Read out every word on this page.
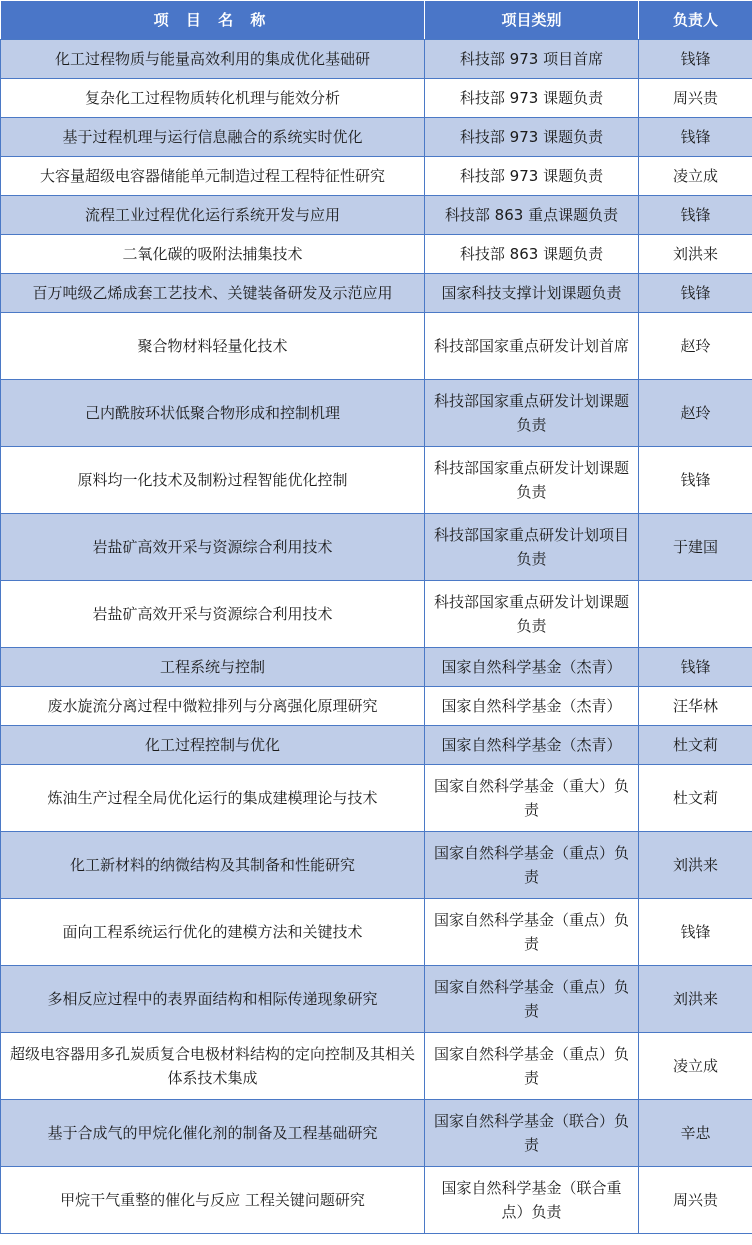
项 目 名 称	项目类别	负责人
化工过程物质与能量高效利用的集成优化基础研	科技部 973 项目首席	钱锋
复杂化工过程物质转化机理与能效分析	科技部 973 课题负责	周兴贵
基于过程机理与运行信息融合的系统实时优化	科技部 973 课题负责	钱锋
大容量超级电容器储能单元制造过程工程特征性研究	科技部 973 课题负责	凌立成
流程工业过程优化运行系统开发与应用	科技部 863 重点课题负责	钱锋
二氧化碳的吸附法捕集技术	科技部 863 课题负责	刘洪来
百万吨级乙烯成套工艺技术、关键装备研发及示范应用	国家科技支撑计划课题负责	钱锋
聚合物材料轻量化技术	科技部国家重点研发计划首席	赵玲
己内酰胺环状低聚合物形成和控制机理	科技部国家重点研发计划课题负责	赵玲
原料均一化技术及制粉过程智能优化控制	科技部国家重点研发计划课题负责	钱锋
岩盐矿高效开采与资源综合利用技术	科技部国家重点研发计划项目负责	于建国
岩盐矿高效开采与资源综合利用技术	科技部国家重点研发计划课题负责	
工程系统与控制	国家自然科学基金（杰青）	钱锋
废水旋流分离过程中微粒排列与分离强化原理研究	国家自然科学基金（杰青）	汪华林
化工过程控制与优化	国家自然科学基金（杰青）	杜文莉
炼油生产过程全局优化运行的集成建模理论与技术	国家自然科学基金（重大）负责	杜文莉
化工新材料的纳微结构及其制备和性能研究	国家自然科学基金（重点）负责	刘洪来
面向工程系统运行优化的建模方法和关键技术	国家自然科学基金（重点）负责	钱锋
多相反应过程中的表界面结构和相际传递现象研究	国家自然科学基金（重点）负责	刘洪来
超级电容器用多孔炭质复合电极材料结构的定向控制及其相关体系技术集成	国家自然科学基金（重点）负责	凌立成
基于合成气的甲烷化催化剂的制备及工程基础研究	国家自然科学基金（联合）负责	辛忠
甲烷干气重整的催化与反应 工程关键问题研究	国家自然科学基金（联合重点）负责	周兴贵
